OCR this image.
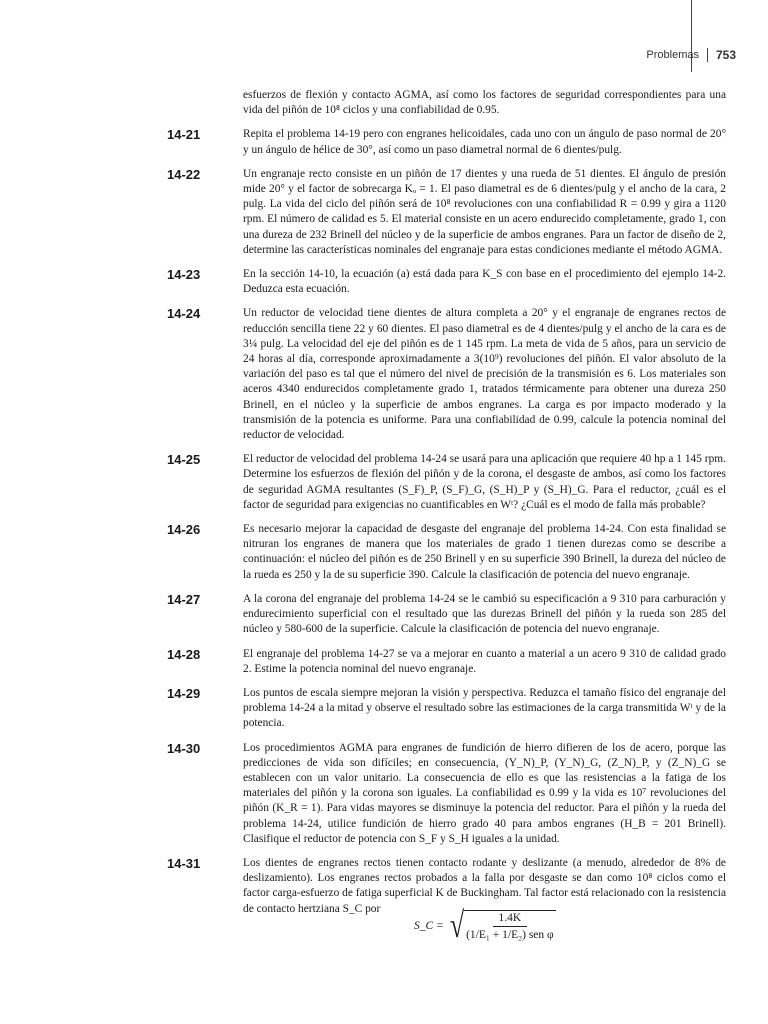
Problemas 753
esfuerzos de flexión y contacto AGMA, así como los factores de seguridad correspondientes para una vida del piñón de 10⁸ ciclos y una confiabilidad de 0.95.
14-21	Repita el problema 14-19 pero con engranes helicoidales, cada uno con un ángulo de paso normal de 20° y un ángulo de hélice de 30°, así como un paso diametral normal de 6 dientes/pulg.
14-22	Un engranaje recto consiste en un piñón de 17 dientes y una rueda de 51 dientes. El ángulo de presión mide 20° y el factor de sobrecarga Kₒ = 1. El paso diametral es de 6 dientes/pulg y el ancho de la cara, 2 pulg. La vida del ciclo del piñón será de 10⁸ revoluciones con una confiabilidad R = 0.99 y gira a 1120 rpm. El número de calidad es 5. El material consiste en un acero endurecido completamente, grado 1, con una dureza de 232 Brinell del núcleo y de la superficie de ambos engranes. Para un factor de diseño de 2, determine las características nominales del engranaje para estas condiciones mediante el método AGMA.
14-23	En la sección 14-10, la ecuación (a) está dada para K_S con base en el procedimiento del ejemplo 14-2. Deduzca esta ecuación.
14-24	Un reductor de velocidad tiene dientes de altura completa a 20° y el engranaje de engranes rectos de reducción sencilla tiene 22 y 60 dientes. El paso diametral es de 4 dientes/pulg y el ancho de la cara es de 3¼ pulg. La velocidad del eje del piñón es de 1 145 rpm. La meta de vida de 5 años, para un servicio de 24 horas al día, corresponde aproximadamente a 3(10⁹) revoluciones del piñón. El valor absoluto de la variación del paso es tal que el número del nivel de precisión de la transmisión es 6. Los materiales son aceros 4340 endurecidos completamente grado 1, tratados térmicamente para obtener una dureza 250 Brinell, en el núcleo y la superficie de ambos engranes. La carga es por impacto moderado y la transmisión de la potencia es uniforme. Para una confiabilidad de 0.99, calcule la potencia nominal del reductor de velocidad.
14-25	El reductor de velocidad del problema 14-24 se usará para una aplicación que requiere 40 hp a 1 145 rpm. Determine los esfuerzos de flexión del piñón y de la corona, el desgaste de ambos, así como los factores de seguridad AGMA resultantes (S_F)_P, (S_F)_G, (S_H)_P y (S_H)_G. Para el reductor, ¿cuál es el factor de seguridad para exigencias no cuantificables en Wᵗ? ¿Cuál es el modo de falla más probable?
14-26	Es necesario mejorar la capacidad de desgaste del engranaje del problema 14-24. Con esta finalidad se nitruran los engranes de manera que los materiales de grado 1 tienen durezas como se describe a continuación: el núcleo del piñón es de 250 Brinell y en su superficie 390 Brinell, la dureza del núcleo de la rueda es 250 y la de su superficie 390. Calcule la clasificación de potencia del nuevo engranaje.
14-27	A la corona del engranaje del problema 14-24 se le cambió su especificación a 9 310 para carburación y endurecimiento superficial con el resultado que las durezas Brinell del piñón y la rueda son 285 del núcleo y 580-600 de la superficie. Calcule la clasificación de potencia del nuevo engranaje.
14-28	El engranaje del problema 14-27 se va a mejorar en cuanto a material a un acero 9 310 de calidad grado 2. Estime la potencia nominal del nuevo engranaje.
14-29	Los puntos de escala siempre mejoran la visión y perspectiva. Reduzca el tamaño físico del engranaje del problema 14-24 a la mitad y observe el resultado sobre las estimaciones de la carga transmitida Wᵗ y de la potencia.
14-30	Los procedimientos AGMA para engranes de fundición de hierro difieren de los de acero, porque las predicciones de vida son difíciles; en consecuencia, (Y_N)_P, (Y_N)_G, (Z_N)_P, y (Z_N)_G se establecen con un valor unitario. La consecuencia de ello es que las resistencias a la fatiga de los materiales del piñón y la corona son iguales. La confiabilidad es 0.99 y la vida es 10⁷ revoluciones del piñón (K_R = 1). Para vidas mayores se disminuye la potencia del reductor. Para el piñón y la rueda del problema 14-24, utilice fundición de hierro grado 40 para ambos engranes (H_B = 201 Brinell). Clasifique el reductor de potencia con S_F y S_H iguales a la unidad.
14-31	Los dientes de engranes rectos tienen contacto rodante y deslizante (a menudo, alrededor de 8% de deslizamiento). Los engranes rectos probados a la falla por desgaste se dan como 10⁸ ciclos como el factor carga-esfuerzo de fatiga superficial K de Buckingham. Tal factor está relacionado con la resistencia de contacto hertziana S_C por
S_C = √ $\frac{1.4K}{\text{(1/E₁ + 1/E₂) sen φ}}$
